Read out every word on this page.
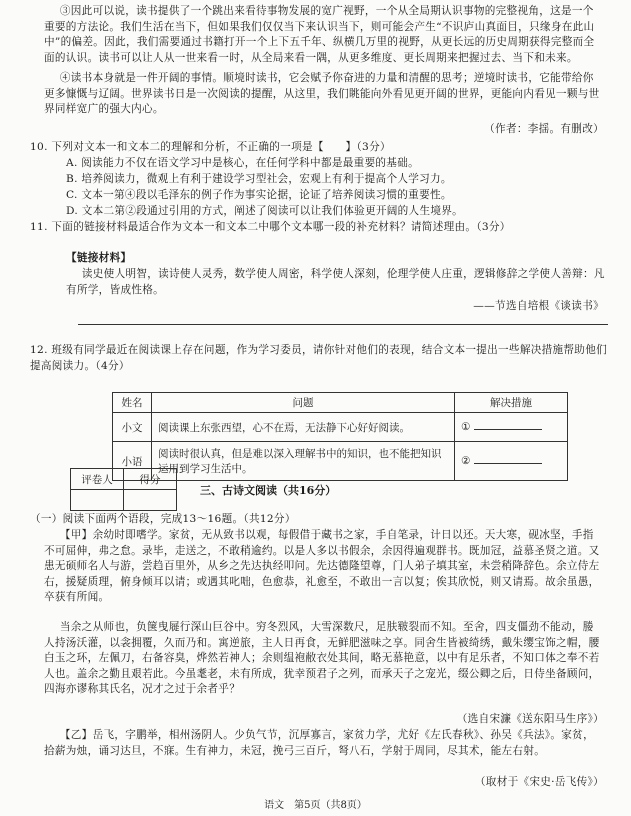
③因此可以说，读书提供了一个跳出来看待事物发展的宽广视野，一个从全局期认识事物的完整视角，这是一个重要的方法论。我们生活在当下，但如果我们仅仅当下来认识当下，则可能会产生“不识庐山真面目，只缘身在此山中”的偏差。因此，我们需要通过书籍打开一个上下五千年、纵横几万里的视野，从更长远的历史周期获得完整而全面的认识。读书可以让人从一世来看一时，从全局来看一隅，从更多维度、更长周期来把握过去、当下和未来。
④读书本身就是一件开阔的事情。顺境时读书，它会赋予你奋进的力量和清醒的思考；逆境时读书，它能带给你更多慷慨与辽阔。世界读书日是一次阅读的提醒，从这里，我们眺能向外看见更开阔的世界，更能向内看见一颗与世界同样宽广的强大内心。
（作者：李揺。有删改）
10. 下列对文本一和文本二的理解和分析，不正确的一项是【　　】（3分）
A. 阅读能力不仅在语文学习中是核心，在任何学科中都是最重要的基础。
B. 培养阅读力，微观上有利于建设学习型社会，宏观上有利于提高个人学习力。
C. 文本一第④段以毛泽东的例子作为事实论据，论证了培养阅读习惯的重要性。
D. 文本二第②段通过引用的方式，阐述了阅读可以让我们体验更开阔的人生境界。
11. 下面的链接材料最适合作为文本一和文本二中哪个文本哪一段的补充材料？请简述理由。（3分）
【链接材料】
读史使人明智，读诗使人灵秀，数学使人周密，科学使人深刻，伦理学使人庄重，逻辑修辞之学使人善辩：凡有所学，皆成性格。
——节选自培根《谈读书》
12. 班级有同学最近在阅读课上存在问题，作为学习委员，请你针对他们的表现，结合文本一提出一些解决措施帮助他们提高阅读力。（4分）
姓名	问题	解决措施
小文	阅读课上东张西望，心不在焉，无法静下心好好阅读。	①
小语	阅读时很认真，但是难以深入理解书中的知识，也不能把知识运用到学习生活中。	②
评卷人	得分

三、古诗文阅读（共16分）
（一）阅读下面两个语段，完成13～16题。（共12分）
【甲】余幼时即嗜学。家贫，无从致书以观，每假借于藏书之家，手自笔录，计日以还。天大寒，砚冰坚，手指不可屈伸，弗之怠。录毕，走送之，不敢稍逾约。以是人多以书假余，余因得遍观群书。既加冠，益慕圣贤之道。又患无硕师名人与游，尝趋百里外，从乡之先达执经叩问。先达德隆望尊，门人弟子填其室，未尝稍降辞色。余立侍左右，援疑质理，俯身倾耳以请；或遇其叱咄，色愈恭，礼愈至，不敢出一言以复；俟其欣悦，则又请焉。故余虽愚，卒获有所闻。
当余之从师也，负箧曳屣行深山巨谷中。穷冬烈风，大雪深数尺，足肤皲裂而不知。至舍，四支僵劲不能动，媵人持汤沃灌，以衾拥覆，久而乃和。寓逆旅，主人日再食，无鲜肥滋味之享。同舍生皆被绮绣，戴朱缨宝饰之帽，腰白玉之环，左佩刀，右备容臭，烨然若神人；余则缊袍敝衣处其间，略无慕艳意，以中有足乐者，不知口体之奉不若人也。盖余之勤且艰若此。今虽耄老，未有所成，犹幸预君子之列，而承天子之宠光，缀公卿之后，日侍坐备顾问，四海亦谬称其氏名，况才之过于余者乎？
（选自宋濂《送东阳马生序》）
【乙】岳飞，字鹏举，相州汤阴人。少负气节，沉厚寡言，家贫力学，尤好《左氏春秋》、孙吴《兵法》。家贫，拾薪为烛，诵习达旦，不寐。生有神力，未冠，挽弓三百斤，弩八石，学射于周同，尽其术，能左右射。
（取材于《宋史·岳飞传》）
语文　第5页（共8页）
